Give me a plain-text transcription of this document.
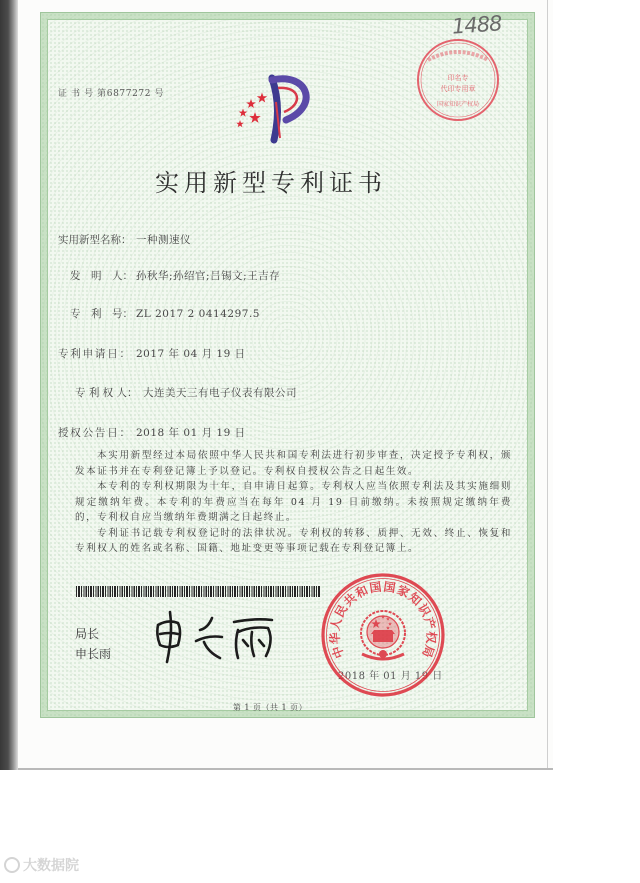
1488
印名专
代印专用章
国家知识产权局
证 书 号 第6877272 号
实用新型专利证书
实用新型名称： 一种测速仪
发　明　人： 孙秋华;孙绍官;吕锡文;王吉存
专　利　号： ZL 2017 2 0414297.5
专利申请日： 2017 年 04 月 19 日
专 利 权 人： 大连美天三有电子仪表有限公司
授权公告日： 2018 年 01 月 19 日

本实用新型经过本局依照中华人民共和国专利法进行初步审查，决定授予专利权，颁发本证书并在专利登记簿上予以登记。专利权自授权公告之日起生效。

本专利的专利权期限为十年，自申请日起算。专利权人应当依照专利法及其实施细则规定缴纳年费。本专利的年费应当在每年 04 月 19 日前缴纳。未按照规定缴纳年费的，专利权自应当缴纳年费期满之日起终止。

专利证书记载专利权登记时的法律状况。专利权的转移、质押、无效、终止、恢复和专利权人的姓名或名称、国籍、地址变更等事项记载在专利登记簿上。

局长
申长雨
2018 年 01 月 19 日
中华人民共和国国家知识产权局
第 1 页（共 1 页）
大数据院
